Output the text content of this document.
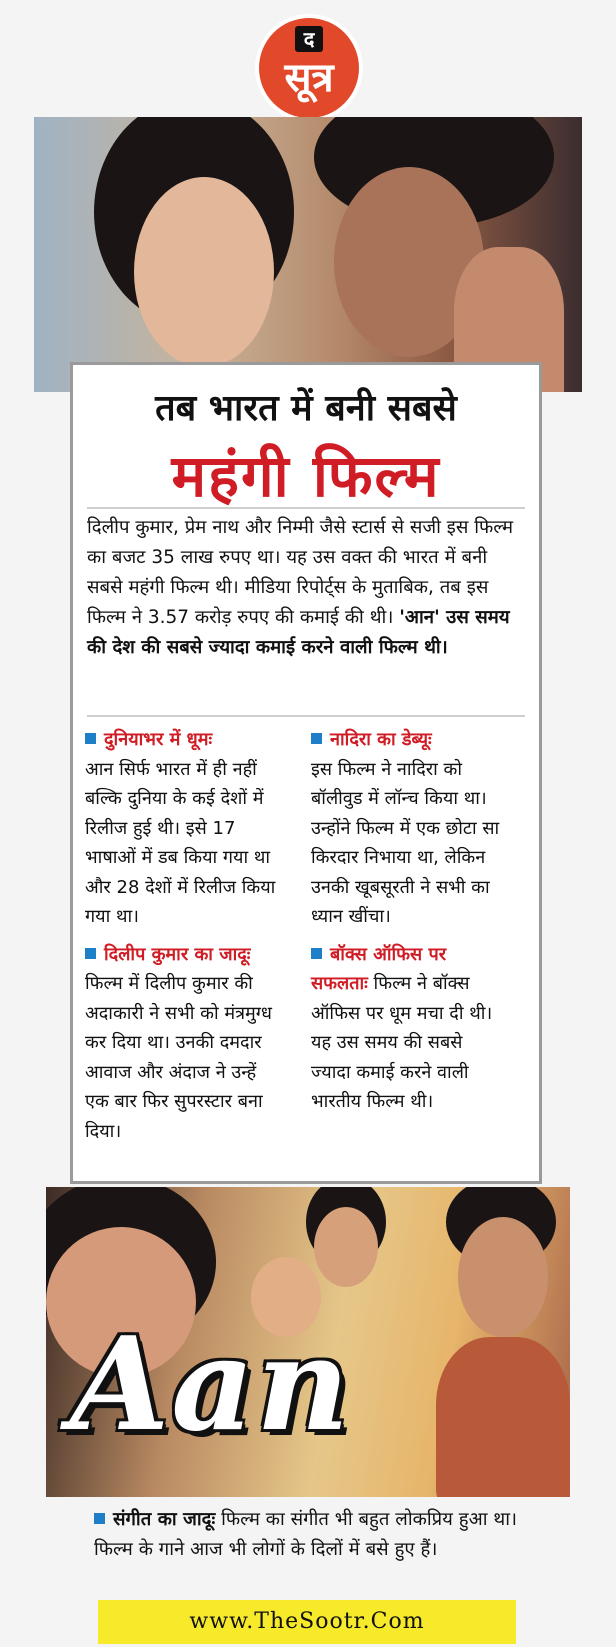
द
सूत्र
तब भारत में बनी सबसे
महंगी फिल्म
दिलीप कुमार, प्रेम नाथ और निम्मी जैसे स्टार्स से सजी इस फिल्म का बजट 35 लाख रुपए था। यह उस वक्त की भारत में बनी सबसे महंगी फिल्म थी। मीडिया रिपोर्ट्स के मुताबिक, तब इस फिल्म ने 3.57 करोड़ रुपए की कमाई की थी। 'आन' उस समय की देश की सबसे ज्यादा कमाई करने वाली फिल्म थी।
दुनियाभर में धूमः
आन सिर्फ भारत में ही नहीं बल्कि दुनिया के कई देशों में रिलीज हुई थी। इसे 17 भाषाओं में डब किया गया था और 28 देशों में रिलीज किया गया था।
दिलीप कुमार का जादूः फिल्म में दिलीप कुमार की अदाकारी ने सभी को मंत्रमुग्ध कर दिया था। उनकी दमदार आवाज और अंदाज ने उन्हें एक बार फिर सुपरस्टार बना दिया।
नादिरा का डेब्यूः
इस फिल्म ने नादिरा को बॉलीवुड में लॉन्च किया था। उन्होंने फिल्म में एक छोटा सा किरदार निभाया था, लेकिन उनकी खूबसूरती ने सभी का ध्यान खींचा।
बॉक्स ऑफिस पर सफलताः फिल्म ने बॉक्स ऑफिस पर धूम मचा दी थी। यह उस समय की सबसे ज्यादा कमाई करने वाली भारतीय फिल्म थी।
Aan
संगीत का जादूः फिल्म का संगीत भी बहुत लोकप्रिय हुआ था। फिल्म के गाने आज भी लोगों के दिलों में बसे हुए हैं।
www.TheSootr.Com
